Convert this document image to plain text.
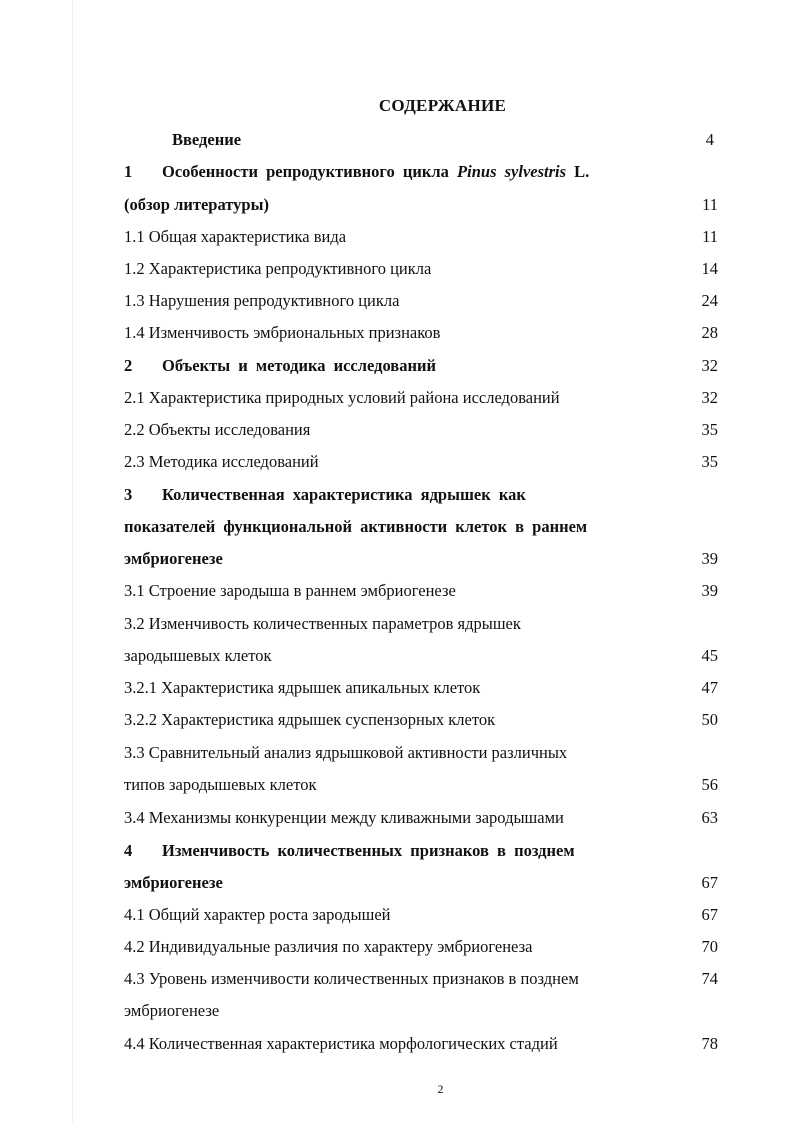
СОДЕРЖАНИЕ
Введение	4
1 Особенности репродуктивного цикла Pinus sylvestris L.
(обзор литературы)	11
1.1 Общая характеристика вида	11
1.2 Характеристика репродуктивного цикла	14
1.3 Нарушения репродуктивного цикла	24
1.4 Изменчивость эмбриональных признаков	28
2 Объекты и методика исследований	32
2.1 Характеристика природных условий района исследований	32
2.2 Объекты исследования	35
2.3 Методика исследований	35
3 Количественная характеристика ядрышек как
показателей функциональной активности клеток в раннем
эмбриогенезе	39
3.1 Строение зародыша в раннем эмбриогенезе	39
3.2 Изменчивость количественных параметров ядрышек
зародышевых клеток	45
3.2.1 Характеристика ядрышек апикальных клеток	47
3.2.2 Характеристика ядрышек суспензорных клеток	50
3.3 Сравнительный анализ ядрышковой активности различных
типов зародышевых клеток	56
3.4 Механизмы конкуренции между кливажными зародышами	63
4 Изменчивость количественных признаков в позднем
эмбриогенезе	67
4.1 Общий характер роста зародышей	67
4.2 Индивидуальные различия по характеру эмбриогенеза	70
4.3 Уровень изменчивости количественных признаков в позднем	74
эмбриогенезе
4.4 Количественная характеристика морфологических стадий	78
2
